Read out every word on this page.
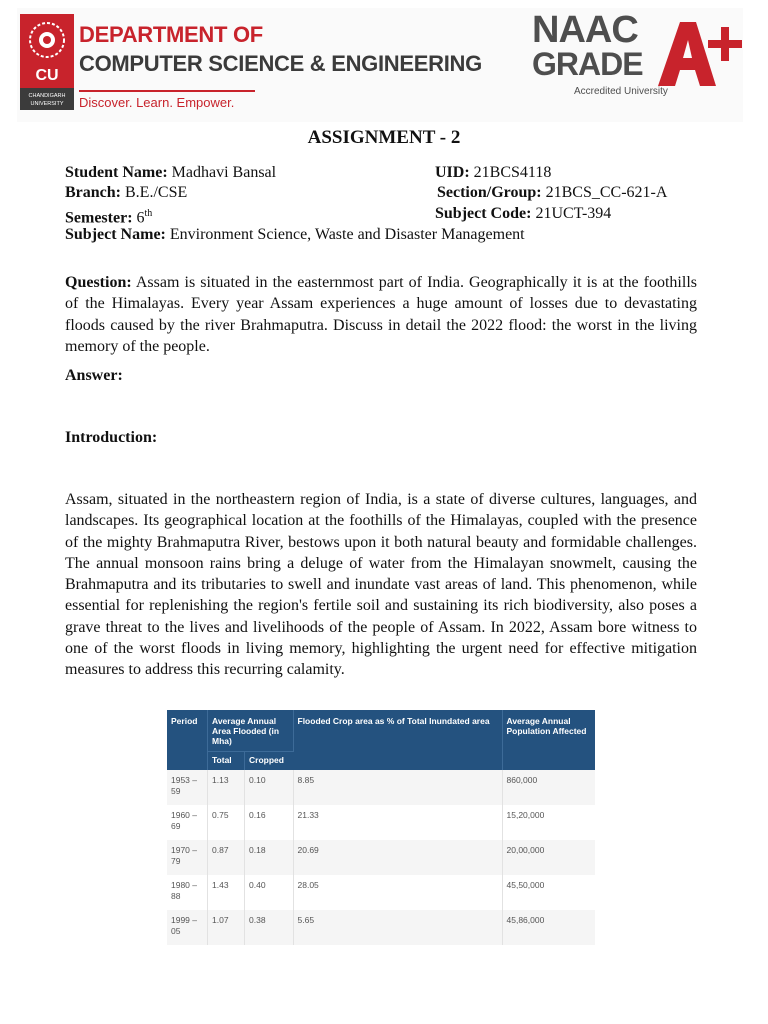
CU
CHANDIGARH
UNIVERSITY
DEPARTMENT OF
COMPUTER SCIENCE & ENGINEERING
Discover. Learn. Empower.
NAAC
GRADE
Accredited University
ASSIGNMENT - 2
Student Name: Madhavi Bansal	UID: 21BCS4118
Branch: B.E./CSE	Section/Group: 21BCS_CC-621-A
Semester: 6th	Subject Code: 21UCT-394
Subject Name: Environment Science, Waste and Disaster Management

Question: Assam is situated in the easternmost part of India. Geographically it is at the foothills of the Himalayas. Every year Assam experiences a huge amount of losses due to devastating floods caused by the river Brahmaputra. Discuss in detail the 2022 flood: the worst in the living memory of the people.

Answer:
Introduction:

Assam, situated in the northeastern region of India, is a state of diverse cultures, languages, and landscapes. Its geographical location at the foothills of the Himalayas, coupled with the presence of the mighty Brahmaputra River, bestows upon it both natural beauty and formidable challenges. The annual monsoon rains bring a deluge of water from the Himalayan snowmelt, causing the Brahmaputra and its tributaries to swell and inundate vast areas of land. This phenomenon, while essential for replenishing the region's fertile soil and sustaining its rich biodiversity, also poses a grave threat to the lives and livelihoods of the people of Assam. In 2022, Assam bore witness to one of the worst floods in living memory, highlighting the urgent need for effective mitigation measures to address this recurring calamity.

Period	Average Annual Area Flooded (in Mha)		Flooded Crop area as % of Total Inundated area	Average Annual Population Affected
	Total	Cropped		
1953 – 59	1.13	0.10	8.85	860,000
1960 – 69	0.75	0.16	21.33	15,20,000
1970 – 79	0.87	0.18	20.69	20,00,000
1980 – 88	1.43	0.40	28.05	45,50,000
1999 – 05	1.07	0.38	5.65	45,86,000
